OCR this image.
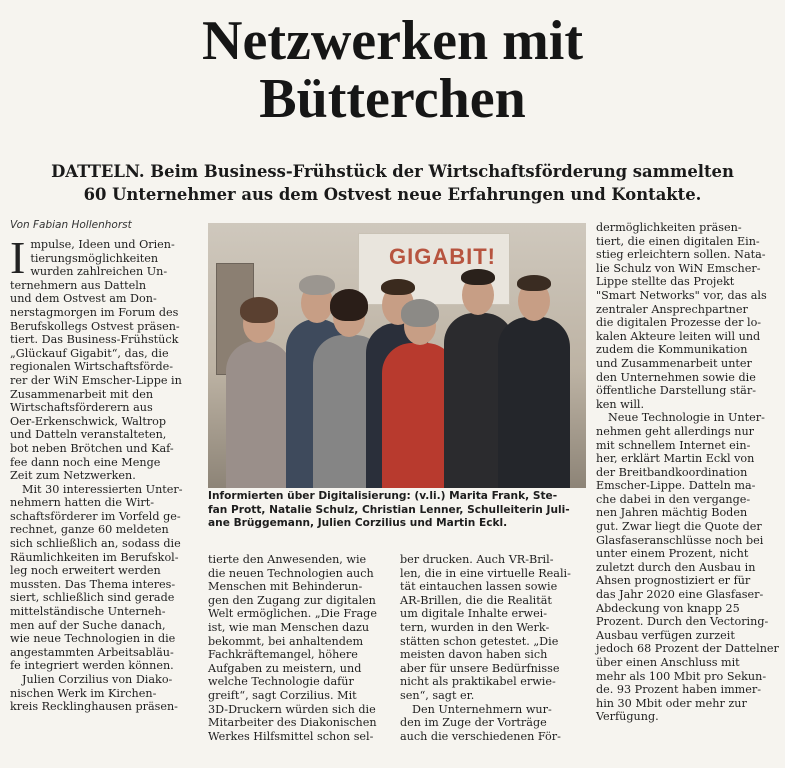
Netzwerken mit
Bütterchen
DATTELN. Beim Business-Frühstück der Wirtschaftsförderung sammelten
60 Unternehmer aus dem Ostvest neue Erfahrungen und Kontakte.
Von Fabian Hollenhorst
I mpulse, Ideen und Orien-
tierungsmöglichkeiten
wurden zahlreichen Un-
ternehmern aus Datteln
und dem Ostvest am Don-
nerstagmorgen im Forum des
Berufskollegs Ostvest präsen-
tiert. Das Business-Frühstück
„Glückauf Gigabit“, das, die
regionalen Wirtschaftsförde-
rer der WiN Emscher-Lippe in
Zusammenarbeit mit den
Wirtschaftsförderern aus
Oer-Erkenschwick, Waltrop
und Datteln veranstalteten,
bot neben Brötchen und Kaf-
fee dann noch eine Menge
Zeit zum Netzwerken.
Mit 30 interessierten Unter-
nehmern hatten die Wirt-
schaftsförderer im Vorfeld ge-
rechnet, ganze 60 meldeten
sich schließlich an, sodass die
Räumlichkeiten im Berufskol-
leg noch erweitert werden
mussten. Das Thema interes-
siert, schließlich sind gerade
mittelständische Unterneh-
men auf der Suche danach,
wie neue Technologien in die
angestammten Arbeitsabläu-
fe integriert werden können.
Julien Corzilius von Diako-
nischen Werk im Kirchen-
kreis Recklinghausen präsen-
GIGABIT!
Informierten über Digitalisierung: (v.li.) Marita Frank, Ste-
fan Prott, Natalie Schulz, Christian Lenner, Schulleiterin Juli-
ane Brüggemann, Julien Corzilius und Martin Eckl.
tierte den Anwesenden, wie
die neuen Technologien auch
Menschen mit Behinderun-
gen den Zugang zur digitalen
Welt ermöglichen. „Die Frage
ist, wie man Menschen dazu
bekommt, bei anhaltendem
Fachkräftemangel, höhere
Aufgaben zu meistern, und
welche Technologie dafür
greift“, sagt Corzilius. Mit
3D-Druckern würden sich die
Mitarbeiter des Diakonischen
Werkes Hilfsmittel schon sel-
ber drucken. Auch VR-Bril-
len, die in eine virtuelle Reali-
tät eintauchen lassen sowie
AR-Brillen, die die Realität
um digitale Inhalte erwei-
tern, wurden in den Werk-
stätten schon getestet. „Die
meisten davon haben sich
aber für unsere Bedürfnisse
nicht als praktikabel erwie-
sen“, sagt er.
Den Unternehmern wur-
den im Zuge der Vorträge
auch die verschiedenen För-
dermöglichkeiten präsen-
tiert, die einen digitalen Ein-
stieg erleichtern sollen. Nata-
lie Schulz von WiN Emscher-
Lippe stellte das Projekt
"Smart Networks" vor, das als
zentraler Ansprechpartner
die digitalen Prozesse der lo-
kalen Akteure leiten will und
zudem die Kommunikation
und Zusammenarbeit unter
den Unternehmen sowie die
öffentliche Darstellung stär-
ken will.
Neue Technologie in Unter-
nehmen geht allerdings nur
mit schnellem Internet ein-
her, erklärt Martin Eckl von
der Breitbandkoordination
Emscher-Lippe. Datteln ma-
che dabei in den vergange-
nen Jahren mächtig Boden
gut. Zwar liegt die Quote der
Glasfaseranschlüsse noch bei
unter einem Prozent, nicht
zuletzt durch den Ausbau in
Ahsen prognostiziert er für
das Jahr 2020 eine Glasfaser-
Abdeckung von knapp 25
Prozent. Durch den Vectoring-
Ausbau verfügen zurzeit
jedoch 68 Prozent der Dattelner
über einen Anschluss mit
mehr als 100 Mbit pro Sekun-
de. 93 Prozent haben immer-
hin 30 Mbit oder mehr zur
Verfügung.
